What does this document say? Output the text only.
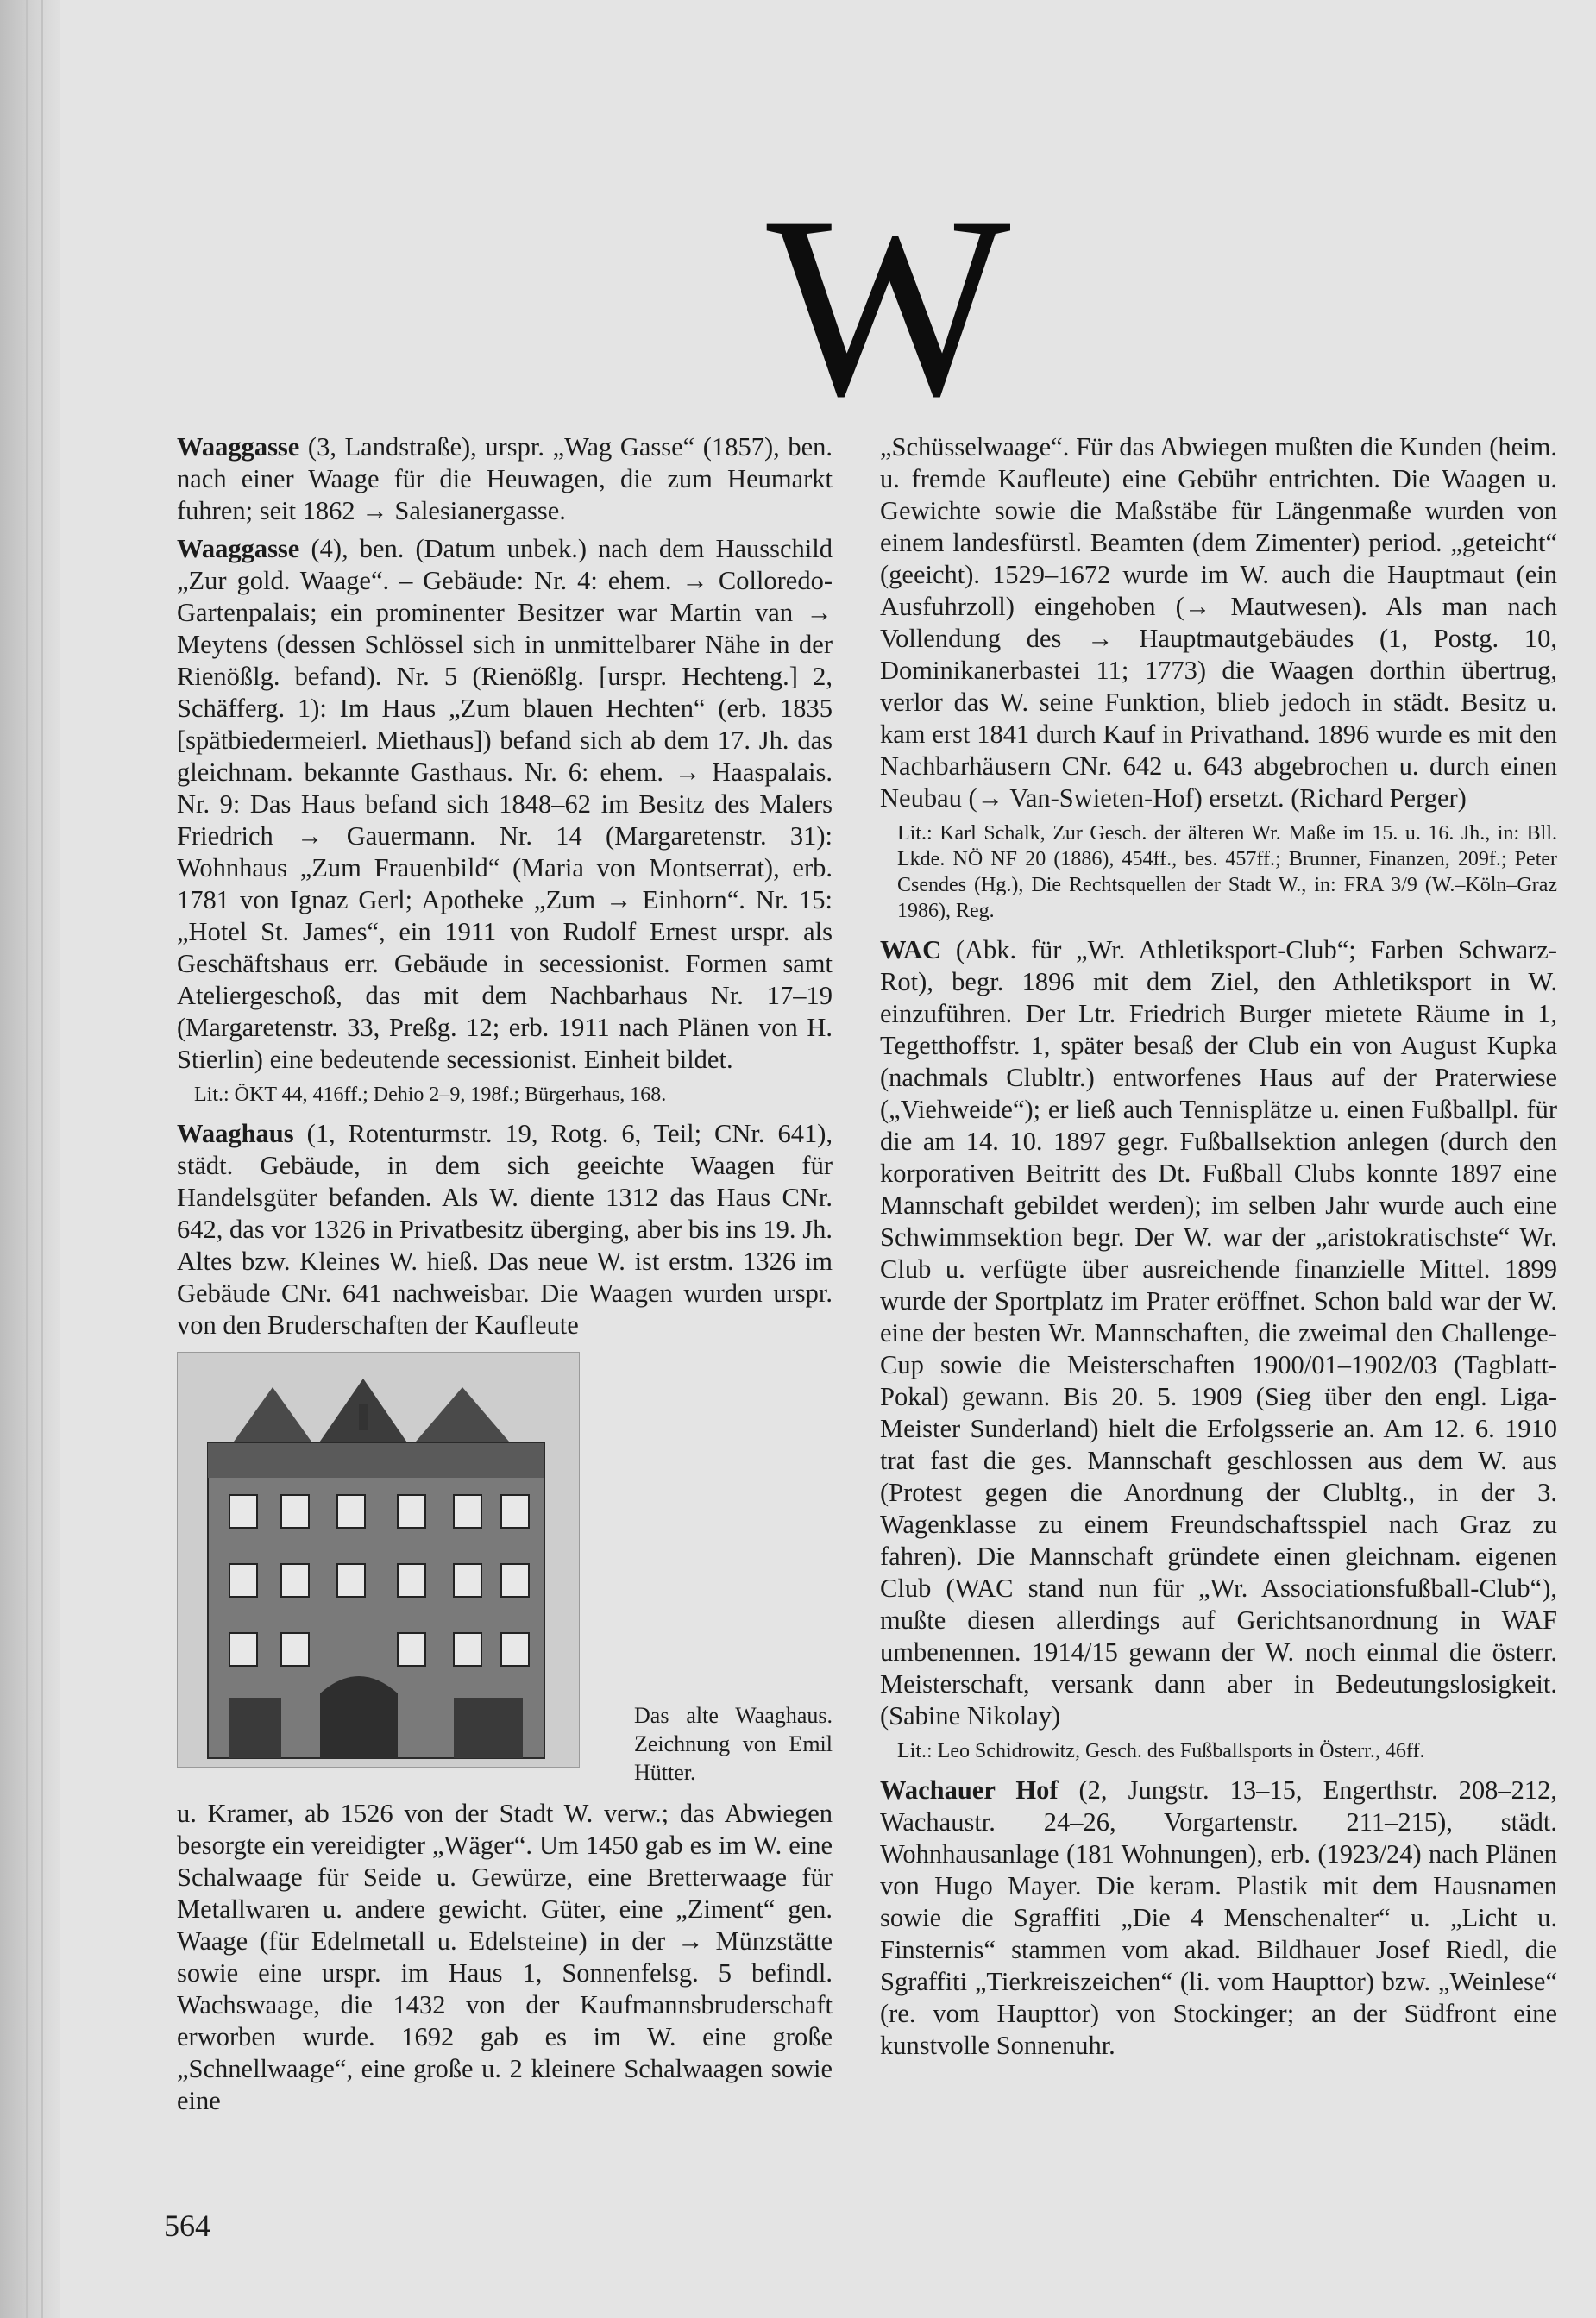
W

Waaggasse (3, Landstraße), urspr. „Wag Gasse“ (1857), ben. nach einer Waage für die Heuwagen, die zum Heumarkt fuhren; seit 1862 → Salesianergasse.

Waaggasse (4), ben. (Datum unbek.) nach dem Hausschild „Zur gold. Waage“. – Gebäude: Nr. 4: ehem. → Colloredo-Gartenpalais; ein prominenter Besitzer war Martin van → Meytens (dessen Schlössel sich in unmittelbarer Nähe in der Rienößlg. befand). Nr. 5 (Rienößlg. [urspr. Hechteng.] 2, Schäfferg. 1): Im Haus „Zum blauen Hechten“ (erb. 1835 [spätbiedermeierl. Miethaus]) befand sich ab dem 17. Jh. das gleichnam. bekannte Gasthaus. Nr. 6: ehem. → Haaspalais. Nr. 9: Das Haus befand sich 1848–62 im Besitz des Malers Friedrich → Gauermann. Nr. 14 (Margaretenstr. 31): Wohnhaus „Zum Frauenbild“ (Maria von Montserrat), erb. 1781 von Ignaz Gerl; Apotheke „Zum → Einhorn“. Nr. 15: „Hotel St. James“, ein 1911 von Rudolf Ernest urspr. als Geschäftshaus err. Gebäude in secessionist. Formen samt Ateliergeschoß, das mit dem Nachbarhaus Nr. 17–19 (Margaretenstr. 33, Preßg. 12; erb. 1911 nach Plänen von H. Stierlin) eine bedeutende secessionist. Einheit bildet.

Lit.: ÖKT 44, 416ff.; Dehio 2–9, 198f.; Bürgerhaus, 168.

Waaghaus (1, Rotenturmstr. 19, Rotg. 6, Teil; CNr. 641), städt. Gebäude, in dem sich geeichte Waagen für Handelsgüter befanden. Als W. diente 1312 das Haus CNr. 642, das vor 1326 in Privatbesitz überging, aber bis ins 19. Jh. Altes bzw. Kleines W. hieß. Das neue W. ist erstm. 1326 im Gebäude CNr. 641 nachweisbar. Die Waagen wurden urspr. von den Bruderschaften der Kaufleute

Das alte Waaghaus. Zeichnung von Emil Hütter.

u. Kramer, ab 1526 von der Stadt W. verw.; das Abwiegen besorgte ein vereidigter „Wäger“. Um 1450 gab es im W. eine Schalwaage für Seide u. Gewürze, eine Bretterwaage für Metallwaren u. andere gewicht. Güter, eine „Ziment“ gen. Waage (für Edelmetall u. Edelsteine) in der → Münzstätte sowie eine urspr. im Haus 1, Sonnenfelsg. 5 befindl. Wachswaage, die 1432 von der Kaufmannsbruderschaft erworben wurde. 1692 gab es im W. eine große „Schnellwaage“, eine große u. 2 kleinere Schalwaagen sowie eine

„Schüsselwaage“. Für das Abwiegen mußten die Kunden (heim. u. fremde Kaufleute) eine Gebühr entrichten. Die Waagen u. Gewichte sowie die Maßstäbe für Längenmaße wurden von einem landesfürstl. Beamten (dem Zimenter) period. „geteicht“ (geeicht). 1529–1672 wurde im W. auch die Hauptmaut (ein Ausfuhrzoll) eingehoben (→ Mautwesen). Als man nach Vollendung des → Hauptmautgebäudes (1, Postg. 10, Dominikanerbastei 11; 1773) die Waagen dorthin übertrug, verlor das W. seine Funktion, blieb jedoch in städt. Besitz u. kam erst 1841 durch Kauf in Privathand. 1896 wurde es mit den Nachbarhäusern CNr. 642 u. 643 abgebrochen u. durch einen Neubau (→ Van-Swieten-Hof) ersetzt. (Richard Perger)

Lit.: Karl Schalk, Zur Gesch. der älteren Wr. Maße im 15. u. 16. Jh., in: Bll. Lkde. NÖ NF 20 (1886), 454ff., bes. 457ff.; Brunner, Finanzen, 209f.; Peter Csendes (Hg.), Die Rechtsquellen der Stadt W., in: FRA 3/9 (W.–Köln–Graz 1986), Reg.

WAC (Abk. für „Wr. Athletiksport-Club“; Farben Schwarz-Rot), begr. 1896 mit dem Ziel, den Athletiksport in W. einzuführen. Der Ltr. Friedrich Burger mietete Räume in 1, Tegetthoffstr. 1, später besaß der Club ein von August Kupka (nachmals Clubltr.) entworfenes Haus auf der Praterwiese („Viehweide“); er ließ auch Tennisplätze u. einen Fußballpl. für die am 14. 10. 1897 gegr. Fußballsektion anlegen (durch den korporativen Beitritt des Dt. Fußball Clubs konnte 1897 eine Mannschaft gebildet werden); im selben Jahr wurde auch eine Schwimmsektion begr. Der W. war der „aristokratischste“ Wr. Club u. verfügte über ausreichende finanzielle Mittel. 1899 wurde der Sportplatz im Prater eröffnet. Schon bald war der W. eine der besten Wr. Mannschaften, die zweimal den Challenge-Cup sowie die Meisterschaften 1900/01–1902/03 (Tagblatt-Pokal) gewann. Bis 20. 5. 1909 (Sieg über den engl. Liga-Meister Sunderland) hielt die Erfolgsserie an. Am 12. 6. 1910 trat fast die ges. Mannschaft geschlossen aus dem W. aus (Protest gegen die Anordnung der Clubltg., in der 3. Wagenklasse zu einem Freundschaftsspiel nach Graz zu fahren). Die Mannschaft gründete einen gleichnam. eigenen Club (WAC stand nun für „Wr. Associationsfußball-Club“), mußte diesen allerdings auf Gerichtsanordnung in WAF umbenennen. 1914/15 gewann der W. noch einmal die österr. Meisterschaft, versank dann aber in Bedeutungslosigkeit. (Sabine Nikolay)

Lit.: Leo Schidrowitz, Gesch. des Fußballsports in Österr., 46ff.

Wachauer Hof (2, Jungstr. 13–15, Engerthstr. 208–212, Wachaustr. 24–26, Vorgartenstr. 211–215), städt. Wohnhausanlage (181 Wohnungen), erb. (1923/24) nach Plänen von Hugo Mayer. Die keram. Plastik mit dem Hausnamen sowie die Sgraffiti „Die 4 Menschenalter“ u. „Licht u. Finsternis“ stammen vom akad. Bildhauer Josef Riedl, die Sgraffiti „Tierkreiszeichen“ (li. vom Haupttor) bzw. „Weinlese“ (re. vom Haupttor) von Stockinger; an der Südfront eine kunstvolle Sonnenuhr.

564
